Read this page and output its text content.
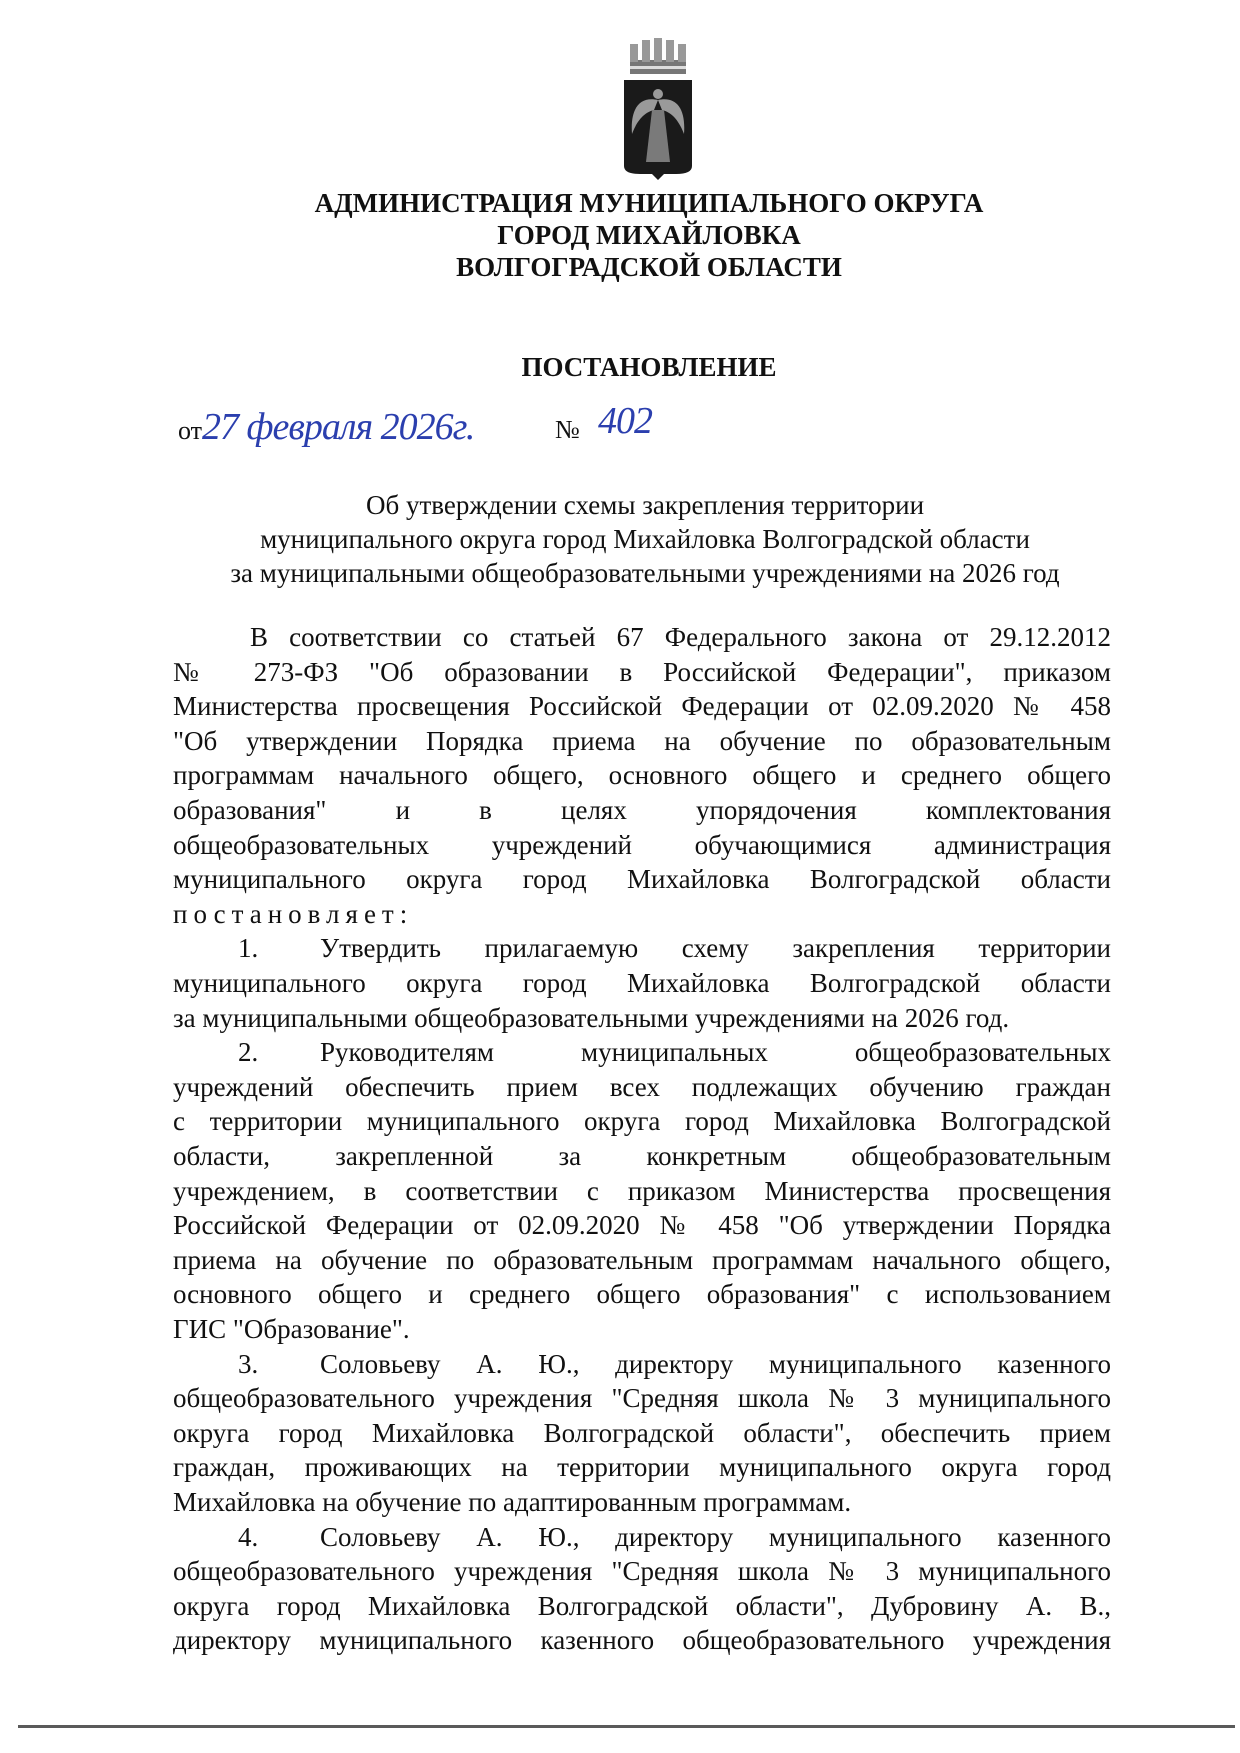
АДМИНИСТРАЦИЯ МУНИЦИПАЛЬНОГО ОКРУГА
ГОРОД МИХАЙЛОВКА
ВОЛГОГРАДСКОЙ ОБЛАСТИ
ПОСТАНОВЛЕНИЕ
от27 февраля 2026г.	№ 402
Об утверждении схемы закрепления территории
муниципального округа город Михайловка Волгоградской области
за муниципальными общеобразовательными учреждениями на 2026 год
В соответствии со статьей 67 Федерального закона от 29.12.2012
№ 273-ФЗ "Об образовании в Российской Федерации", приказом
Министерства просвещения Российской Федерации от 02.09.2020 № 458
"Об утверждении Порядка приема на обучение по образовательным
программам начального общего, основного общего и среднего общего
образования" и в целях упорядочения комплектования
общеобразовательных учреждений обучающимися администрация
муниципального округа город Михайловка Волгоградской области
постановляет:
1. Утвердить прилагаемую схему закрепления территории
муниципального округа город Михайловка Волгоградской области
за муниципальными общеобразовательными учреждениями на 2026 год.
2. Руководителям муниципальных общеобразовательных
учреждений обеспечить прием всех подлежащих обучению граждан
с территории муниципального округа город Михайловка Волгоградской
области, закрепленной за конкретным общеобразовательным
учреждением, в соответствии с приказом Министерства просвещения
Российской Федерации от 02.09.2020 № 458 "Об утверждении Порядка
приема на обучение по образовательным программам начального общего,
основного общего и среднего общего образования" с использованием
ГИС "Образование".
3. Соловьеву А. Ю., директору муниципального казенного
общеобразовательного учреждения "Средняя школа № 3 муниципального
округа город Михайловка Волгоградской области", обеспечить прием
граждан, проживающих на территории муниципального округа город
Михайловка на обучение по адаптированным программам.
4. Соловьеву А. Ю., директору муниципального казенного
общеобразовательного учреждения "Средняя школа № 3 муниципального
округа город Михайловка Волгоградской области", Дубровину А. В.,
директору муниципального казенного общеобразовательного учреждения
